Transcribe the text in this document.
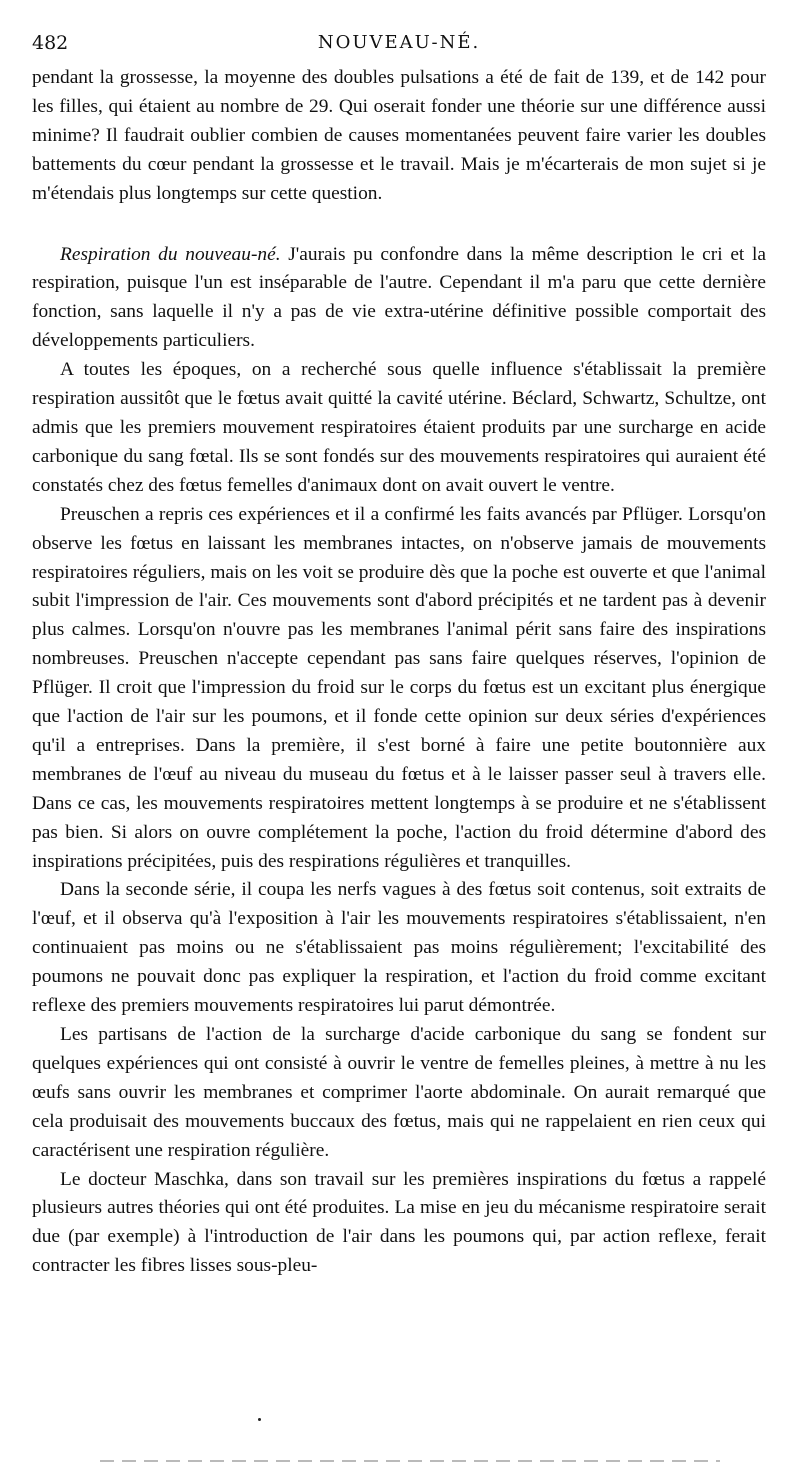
482	NOUVEAU-NÉ.

pendant la grossesse, la moyenne des doubles pulsations a été de fait de 139, et de 142 pour les filles, qui étaient au nombre de 29. Qui oserait fonder une théorie sur une différence aussi minime? Il faudrait oublier combien de causes momentanées peuvent faire varier les doubles battements du cœur pendant la grossesse et le travail. Mais je m'écarterais de mon sujet si je m'étendais plus longtemps sur cette question.

Respiration du nouveau-né. J'aurais pu confondre dans la même description le cri et la respiration, puisque l'un est inséparable de l'autre. Cependant il m'a paru que cette dernière fonction, sans laquelle il n'y a pas de vie extra-utérine définitive possible comportait des développements particuliers.

A toutes les époques, on a recherché sous quelle influence s'établissait la première respiration aussitôt que le fœtus avait quitté la cavité utérine. Béclard, Schwartz, Schultze, ont admis que les premiers mouvement respiratoires étaient produits par une surcharge en acide carbonique du sang fœtal. Ils se sont fondés sur des mouvements respiratoires qui auraient été constatés chez des fœtus femelles d'animaux dont on avait ouvert le ventre.

Preuschen a repris ces expériences et il a confirmé les faits avancés par Pflüger. Lorsqu'on observe les fœtus en laissant les membranes intactes, on n'observe jamais de mouvements respiratoires réguliers, mais on les voit se produire dès que la poche est ouverte et que l'animal subit l'impression de l'air. Ces mouvements sont d'abord précipités et ne tardent pas à devenir plus calmes. Lorsqu'on n'ouvre pas les membranes l'animal périt sans faire des inspirations nombreuses. Preuschen n'accepte cependant pas sans faire quelques réserves, l'opinion de Pflüger. Il croit que l'impression du froid sur le corps du fœtus est un excitant plus énergique que l'action de l'air sur les poumons, et il fonde cette opinion sur deux séries d'expériences qu'il a entreprises. Dans la première, il s'est borné à faire une petite boutonnière aux membranes de l'œuf au niveau du museau du fœtus et à le laisser passer seul à travers elle. Dans ce cas, les mouvements respiratoires mettent longtemps à se produire et ne s'établissent pas bien. Si alors on ouvre complétement la poche, l'action du froid détermine d'abord des inspirations précipitées, puis des respirations régulières et tranquilles.

Dans la seconde série, il coupa les nerfs vagues à des fœtus soit contenus, soit extraits de l'œuf, et il observa qu'à l'exposition à l'air les mouvements respiratoires s'établissaient, n'en continuaient pas moins ou ne s'établissaient pas moins régulièrement; l'excitabilité des poumons ne pouvait donc pas expliquer la respiration, et l'action du froid comme excitant reflexe des premiers mouvements respiratoires lui parut démontrée.

Les partisans de l'action de la surcharge d'acide carbonique du sang se fondent sur quelques expériences qui ont consisté à ouvrir le ventre de femelles pleines, à mettre à nu les œufs sans ouvrir les membranes et comprimer l'aorte abdominale. On aurait remarqué que cela produisait des mouvements buccaux des fœtus, mais qui ne rappelaient en rien ceux qui caractérisent une respiration régulière.

Le docteur Maschka, dans son travail sur les premières inspirations du fœtus a rappelé plusieurs autres théories qui ont été produites. La mise en jeu du mécanisme respiratoire serait due (par exemple) à l'introduction de l'air dans les poumons qui, par action reflexe, ferait contracter les fibres lisses sous-pleu-
